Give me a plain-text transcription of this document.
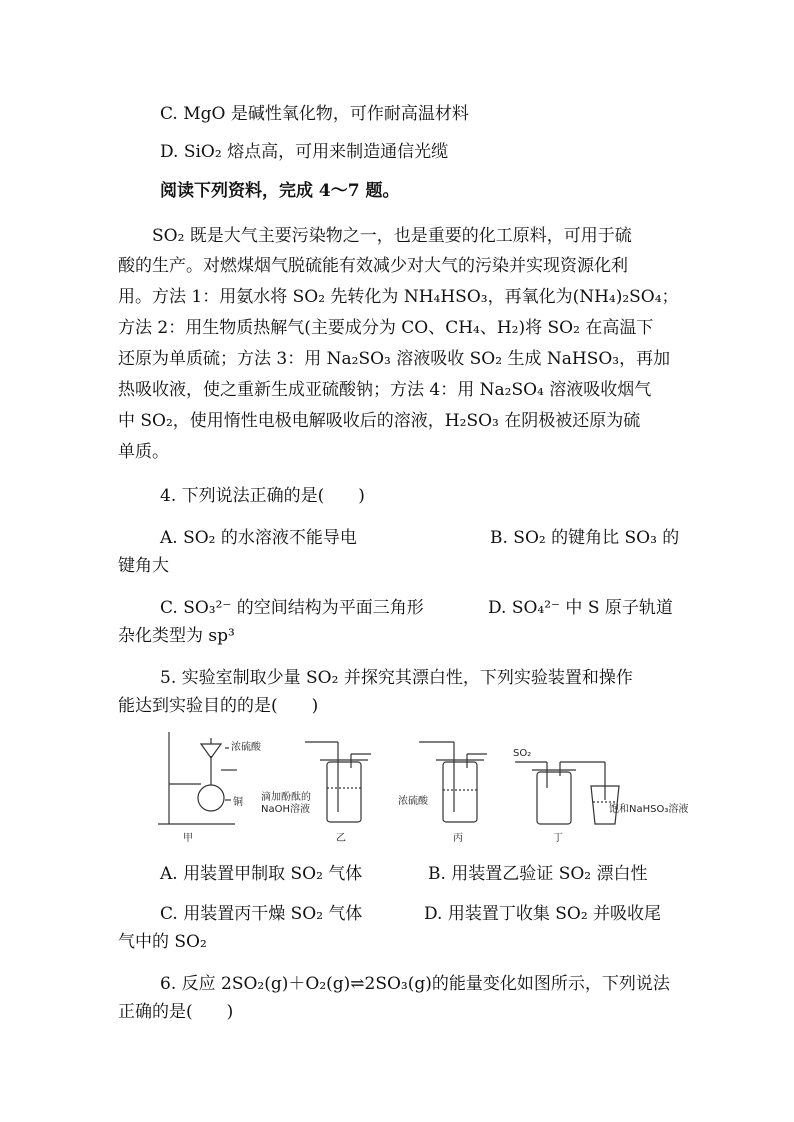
C. MgO 是碱性氧化物，可作耐高温材料
D. SiO₂ 熔点高，可用来制造通信光缆
阅读下列资料，完成 4～7 题。
　　SO₂ 既是大气主要污染物之一，也是重要的化工原料，可用于硫
酸的生产。对燃煤烟气脱硫能有效减少对大气的污染并实现资源化利
用。方法 1：用氨水将 SO₂ 先转化为 NH₄HSO₃，再氧化为(NH₄)₂SO₄；
方法 2：用生物质热解气(主要成分为 CO、CH₄、H₂)将 SO₂ 在高温下
还原为单质硫；方法 3：用 Na₂SO₃ 溶液吸收 SO₂ 生成 NaHSO₃，再加
热吸收液，使之重新生成亚硫酸钠；方法 4：用 Na₂SO₄ 溶液吸收烟气
中 SO₂，使用惰性电极电解吸收后的溶液，H₂SO₃ 在阴极被还原为硫
单质。
4. 下列说法正确的是(　　)
A. SO₂ 的水溶液不能导电	B. SO₂ 的键角比 SO₃ 的
键角大
C. SO₃²⁻ 的空间结构为平面三角形	D. SO₄²⁻ 中 S 原子轨道
杂化类型为 sp³
5. 实验室制取少量 SO₂ 并探究其漂白性，下列实验装置和操作
能达到实验目的的是(　　)
浓硫酸
铜
甲
滴加酚酞的
NaOH溶液
乙
浓硫酸
丙
SO₂
饱和NaHSO₃溶液
丁
A. 用装置甲制取 SO₂ 气体	B. 用装置乙验证 SO₂ 漂白性
C. 用装置丙干燥 SO₂ 气体	D. 用装置丁收集 SO₂ 并吸收尾
气中的 SO₂
6. 反应 2SO₂(g)＋O₂(g)⇌2SO₃(g)的能量变化如图所示，下列说法
正确的是(　　)
